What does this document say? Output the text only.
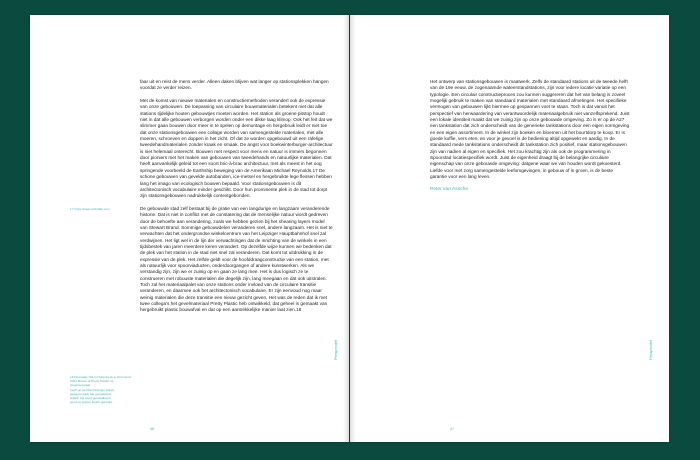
17 https://www.archdaily.com
18 Hornaday Hof in Hollenbeck te Dortmund, 2021 Museo di Pretty Plastic op Quazzenstraat
heeft op de Dutch Design Week
geweest waar het gevelstelsel
waarin het werd geïnstalleerd
werd en prijzen Dutch gebruikt.

faar uit en reist de mens verder. Alleen daken blijven wat langer op stationsplekken hangen voordat ze verder reizen.

Met de komst van nieuwe materialen en constructiemethoden veranderl ook de expressie van onze gebouwen. De toepassing van circulaire bouwmaterialen betekent niet dat alle stations tijdelijke houten gebouwtjes moeten worden. Het station als groene pitstop houdt niet in dat alle gebouwen verborgen worden onder een dikke laag klimop. Ook het feit dat we slimmer gaan bouwen door meer in te spelen op demontage en hergebruik leidt er niet toe dat onze stationsgebouwen een collage worden van samengestelde materialen, met alle moeren, schroeven en doppen in het zicht. Of dat ze worden opgebouwd uit een rafelige tweedehandmaterialen zonder kraak en smaak. De angst voor boekwinterburger-architectuur is niet helemaal onterecht. Bouwen met respect voor mens en natuur is immers begonnen door pioniers met het maken van gebouwen van tweedehands en natuurlijke materialen. Dat heeft aanvankelijk geleid tot een soort bric-à-brac architectuur, met als meest in het oog springende voorbeeld de Earthship beweging van de Amerikaan Michael Reynolds.17 De schone gebouwen van gevelde autobanden, ice-metsel en hergebruikte lege flessen hebben lang het imago van ecologisch bouwen bepaald. Voor stationsgebouwen is dit architectonisch vocabulaire minder geschikt. Door hun prominente plek in de stad tot dorpt zijn stationsgebouwen nadrukkelijk contextgebonden.

De gebouwde stad zelf bestaat bij de gratie van een langdurige en langzaam veranderende historie. Dat is niet in conflict met de constatering dat de menselijke natuur wordt gedreven door de behoefte aan verandering, zoals we hebben gezien bij het shearing layers model van Stewart Brand. Sommige gebouwdelen veranderen snel, andere langzaam. Het is niet te verwachten dat het ondergrondse winkelcentrum van het Leipziger Hauptbahnhof snel zal verdwijnen. Het ligt wel in de lijn der verwachtingen dat de inrichting van de winkels in een tijdsbestek van jaren meerdere keren verandert. Op dezelfde wijze kunnen we bedenken dat de plek van het station in de stad niet snel zal veranderen. Dat komt tot uitdrukking in de expressie van de plek. Het zelfde geldt voor de hoofddraagconstructie van een station, met als natuurlijk voor spoorviaducten, onderdoorgangen of andere kunstwerken. Als we verstandig zijn, zijn we er zuinig op en gaan ze lang mee. Het is dus logisch ze te construeren met robuuste materialen die degelijk zijn, lang meegaan en dat ook uitstralen. Toch zal het materiaalpalet van onze stations onder invloed van de circulaire transitie veranderen, en daarmee ook het architectonisch vocabulaire. Er zijn eenvoud nog maar weinig materialen die deze transitie een nieuw gezicht geven. Het was de reden dat ik met twee collega's het gevelmateriaal Pretty Plastic heb ontwikkeld, dat geheel is gemaakt van hergebruikt plastic bouwafval en dat op een aantrekkelijke manier laat zien.18

Perspectief
46

Het ontwerp van stationsgebouwen is maatwerk. Zelfs de standaard stations uit de tweede helft van de 19e eeuw, de zogenaamde wateerstandstations, zijn voor iedere locatie variatie op een typologie. Een circulair constructieproces zou kunnen suggereren dat het van belang is zoveel mogelijk gebruik te maken van standaard materialen met standaard afmetingen. Het specifieke vermogen van gebouwen lijkt hiermee op gespannen voet te staan. Toch is dat vanuit het perspectief van herwaardering van verantwoordelijk materiaalgebruik niet vanzelfsprekend. Juist een lokale identiteit maakt dat we zuinig zijn op onze gebouwde omgeving. Zo is er op de A27 een tankstation dat zich onderscheidt van de generieke tankstations door een eigen vormgeving en een eigen assortiment. In de winkel zijn boeken en bloemen uit het bourtdorp te koop. Er is goede koffie, vers eten, en voor je gevoel is de bediening altijd opgewekt en aardig. In de standaard mede tankstations onderscheidt dit tankstation zich positief, maar stationsgebouwen zijn van nadien al eigen en specifiek. Het zou krachtig zijn als ook de programmering in Spoorstad locatiespecifiek wordt. Juist de eigenheid draagt bij de belangrijke circulaire eigenschap van onze gebouwde omgeving: datgene waar we van houden wordt gekoesterd. Liefde voor met zorg samengestelde leefomgevingen, in gebouw of in groen, is de beste garantie voor een lang leven.

Peter van Assche

Perspectief
47
